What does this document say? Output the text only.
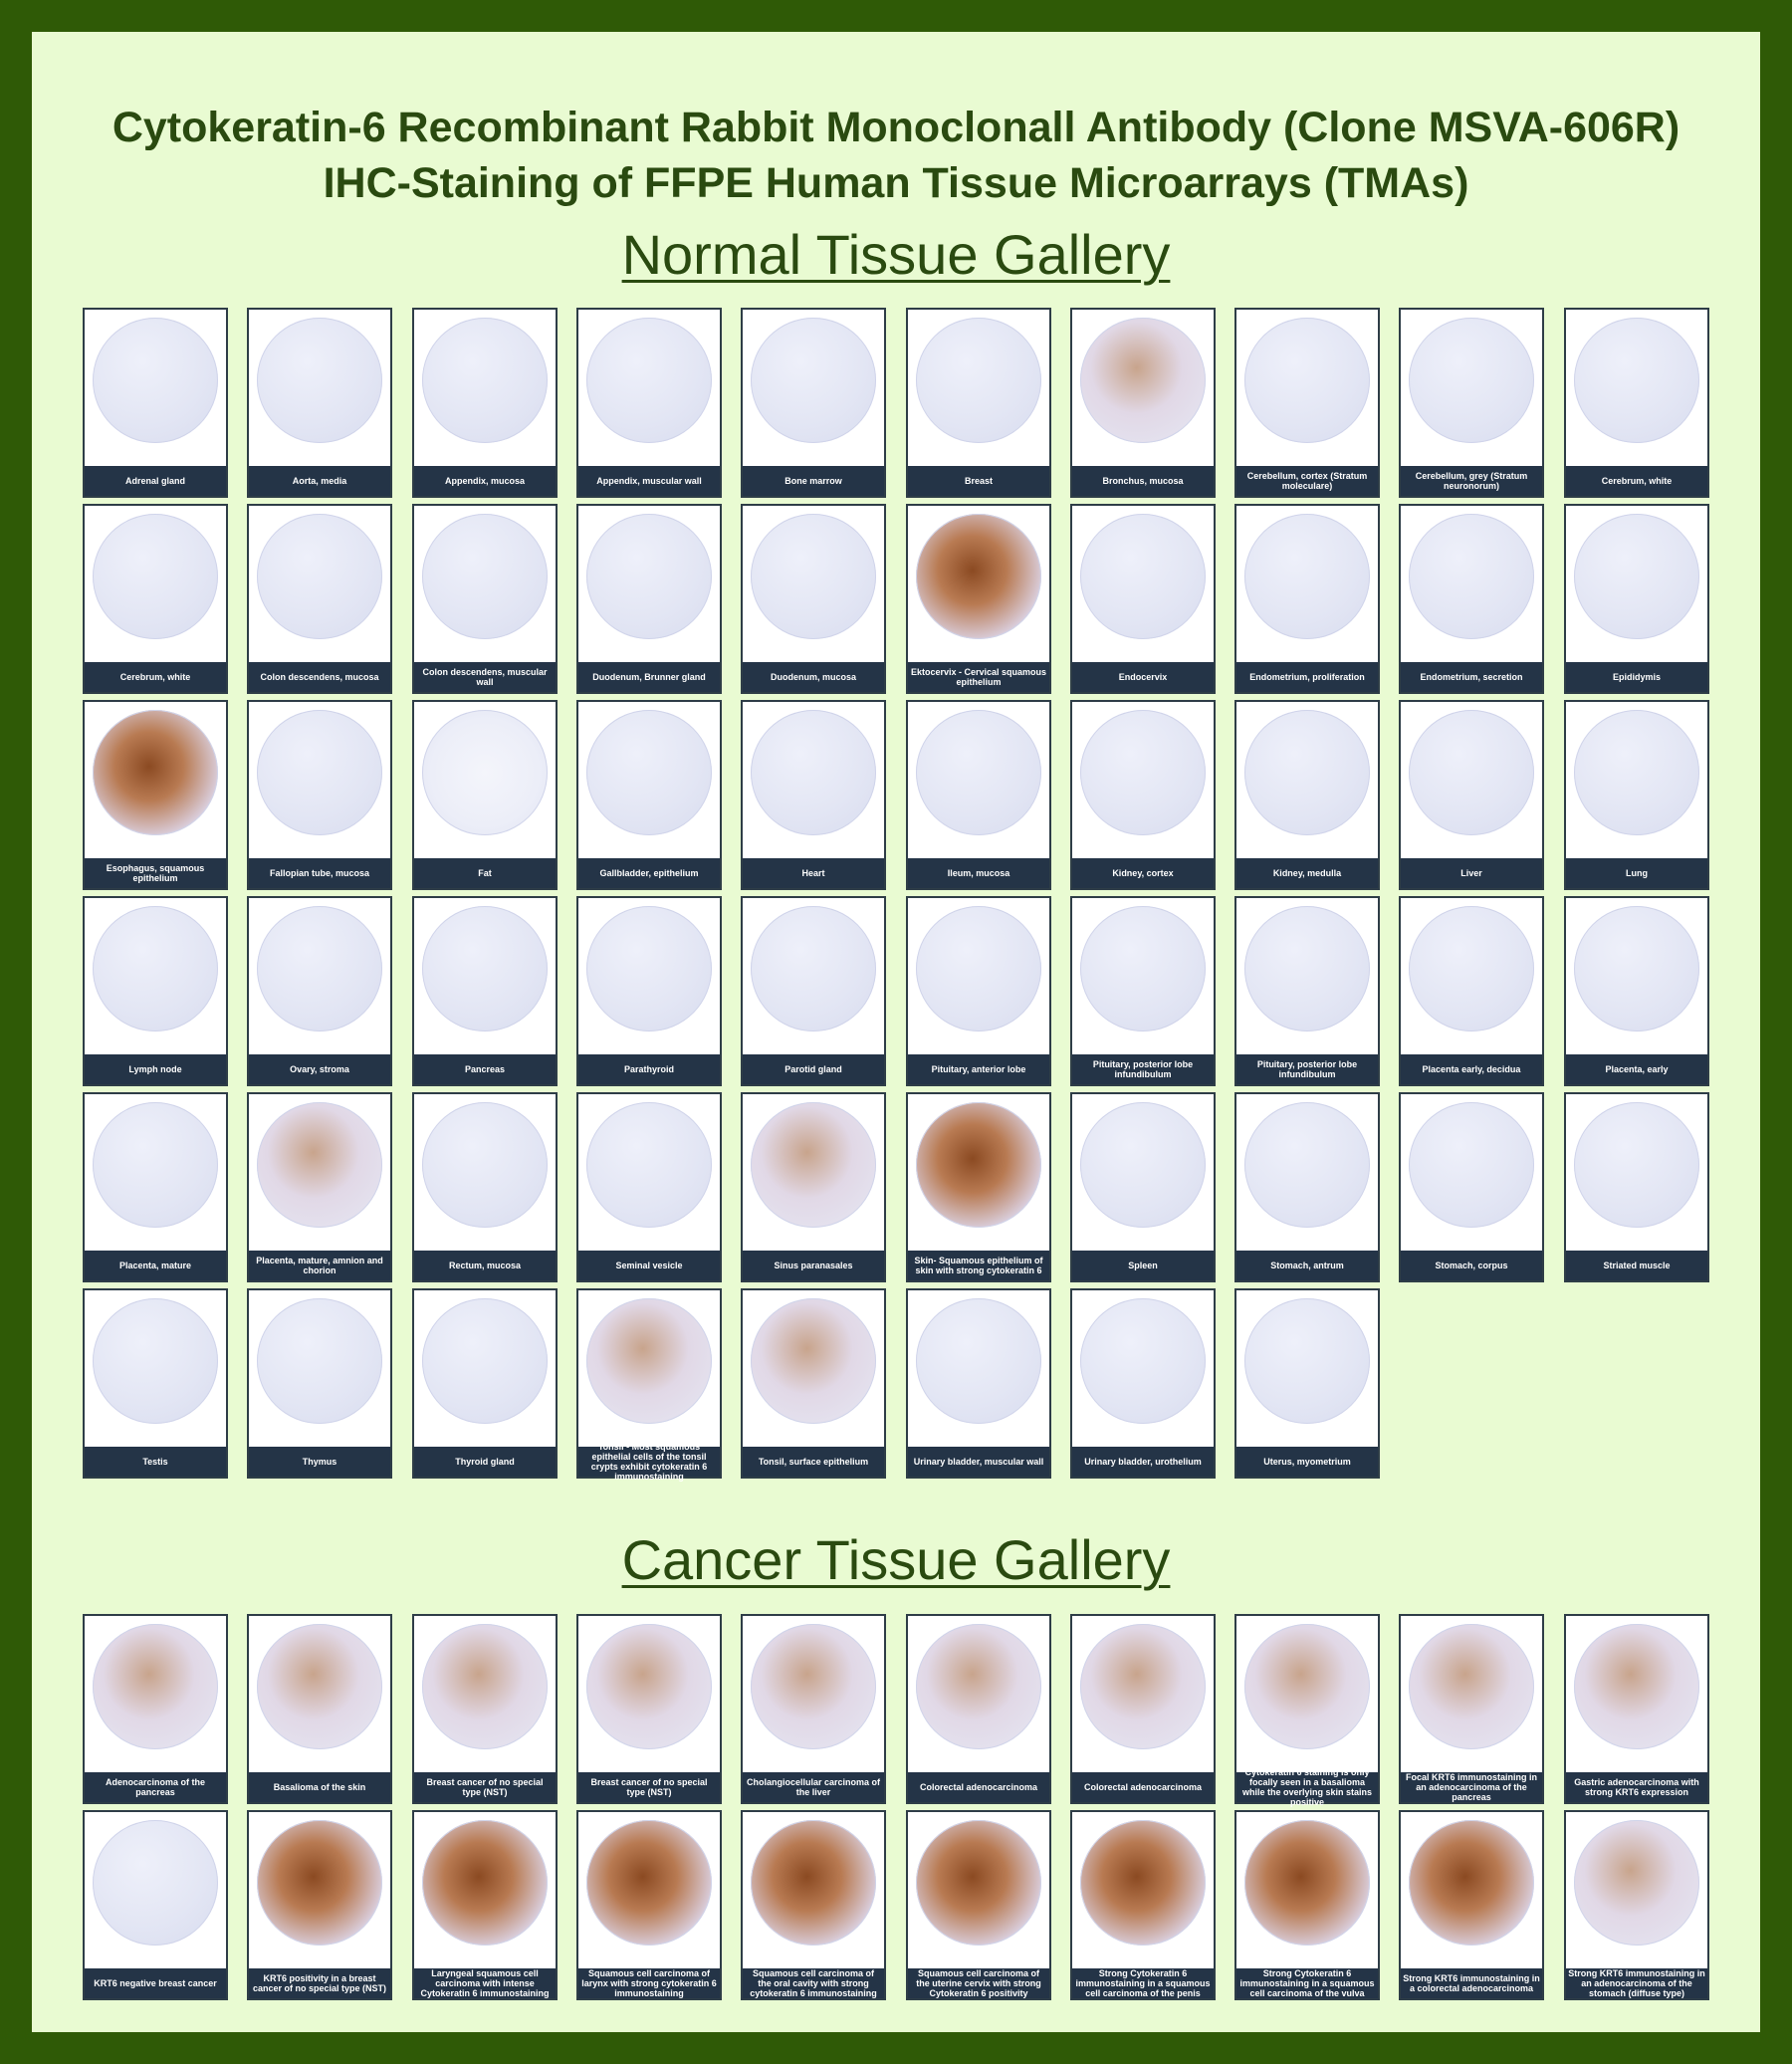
Cytokeratin-6 Recombinant Rabbit Monoclonall Antibody (Clone MSVA-606R)
IHC-Staining of FFPE Human Tissue Microarrays (TMAs)
Normal Tissue Gallery
Adrenal gland	Aorta, media	Appendix, mucosa	Appendix, muscular wall	Bone marrow	Breast	Bronchus, mucosa	Cerebellum, cortex (Stratum moleculare)
Cerebellum, grey (Stratum neuronorum)	Cerebrum, white
Cerebrum, white	Colon descendens, mucosa	Colon descendens, muscular wall	Duodenum, Brunner gland	Duodenum, mucosa	Ektocervix - Cervical squamous epithelium	Endocervix	Endometrium, proliferation	Endometrium, secretion	Epididymis
Esophagus, squamous epithelium	Fallopian tube, mucosa	Fat	Gallbladder, epithelium	Heart	Ileum, mucosa	Kidney, cortex	Kidney, medulla	Liver	Lung
Lymph node	Ovary, stroma	Pancreas	Parathyroid	Parotid gland	Pituitary, anterior lobe	Pituitary, posterior lobe infundibulum
Pituitary, posterior lobe infundibulum	Placenta early, decidua	Placenta, early
Placenta, mature	Placenta, mature, amnion and chorion	Rectum, mucosa	Seminal vesicle	Sinus paranasales	Skin- Squamous epithelium of skin with strong cytokeratin 6	Spleen	Stomach, antrum	Stomach, corpus	Striated muscle
Testis	Thymus	Thyroid gland
Tonsil - Most squamous epithelial cells of the tonsil crypts exhibit cytokeratin 6 immunostaining
Tonsil, surface epithelium	Urinary bladder, muscular wall	Urinary bladder, urothelium	Uterus, myometrium
Cancer Tissue Gallery
Adenocarcinoma of the pancreas	Basalioma of the skin	Breast cancer of no special type (NST)
Breast cancer of no special type (NST)
Cholangiocellular carcinoma of the liver	Colorectal adenocarcinoma	Colorectal adenocarcinoma
Cytokeratin 6 staining is only focally seen in a basalioma while the overlying skin stains positive
Focal KRT6 immunostaining in an adenocarcinoma of the pancreas
Gastric adenocarcinoma with strong KRT6 expression
KRT6 negative breast cancer	KRT6 positivity in a breast cancer of no special type (NST)
Laryngeal squamous cell carcinoma with intense Cytokeratin 6 immunostaining
Squamous cell carcinoma of larynx with strong cytokeratin 6 immunostaining
Squamous cell carcinoma of the oral cavity with strong cytokeratin 6 immunostaining
Squamous cell carcinoma of the uterine cervix with strong Cytokeratin 6 positivity
Strong Cytokeratin 6 immunostaining in a squamous cell carcinoma of the penis
Strong Cytokeratin 6 immunostaining in a squamous cell carcinoma of the vulva
Strong KRT6 immunostaining in a colorectal adenocarcinoma
Strong KRT6 immunostaining in an adenocarcinoma of the stomach (diffuse type)
